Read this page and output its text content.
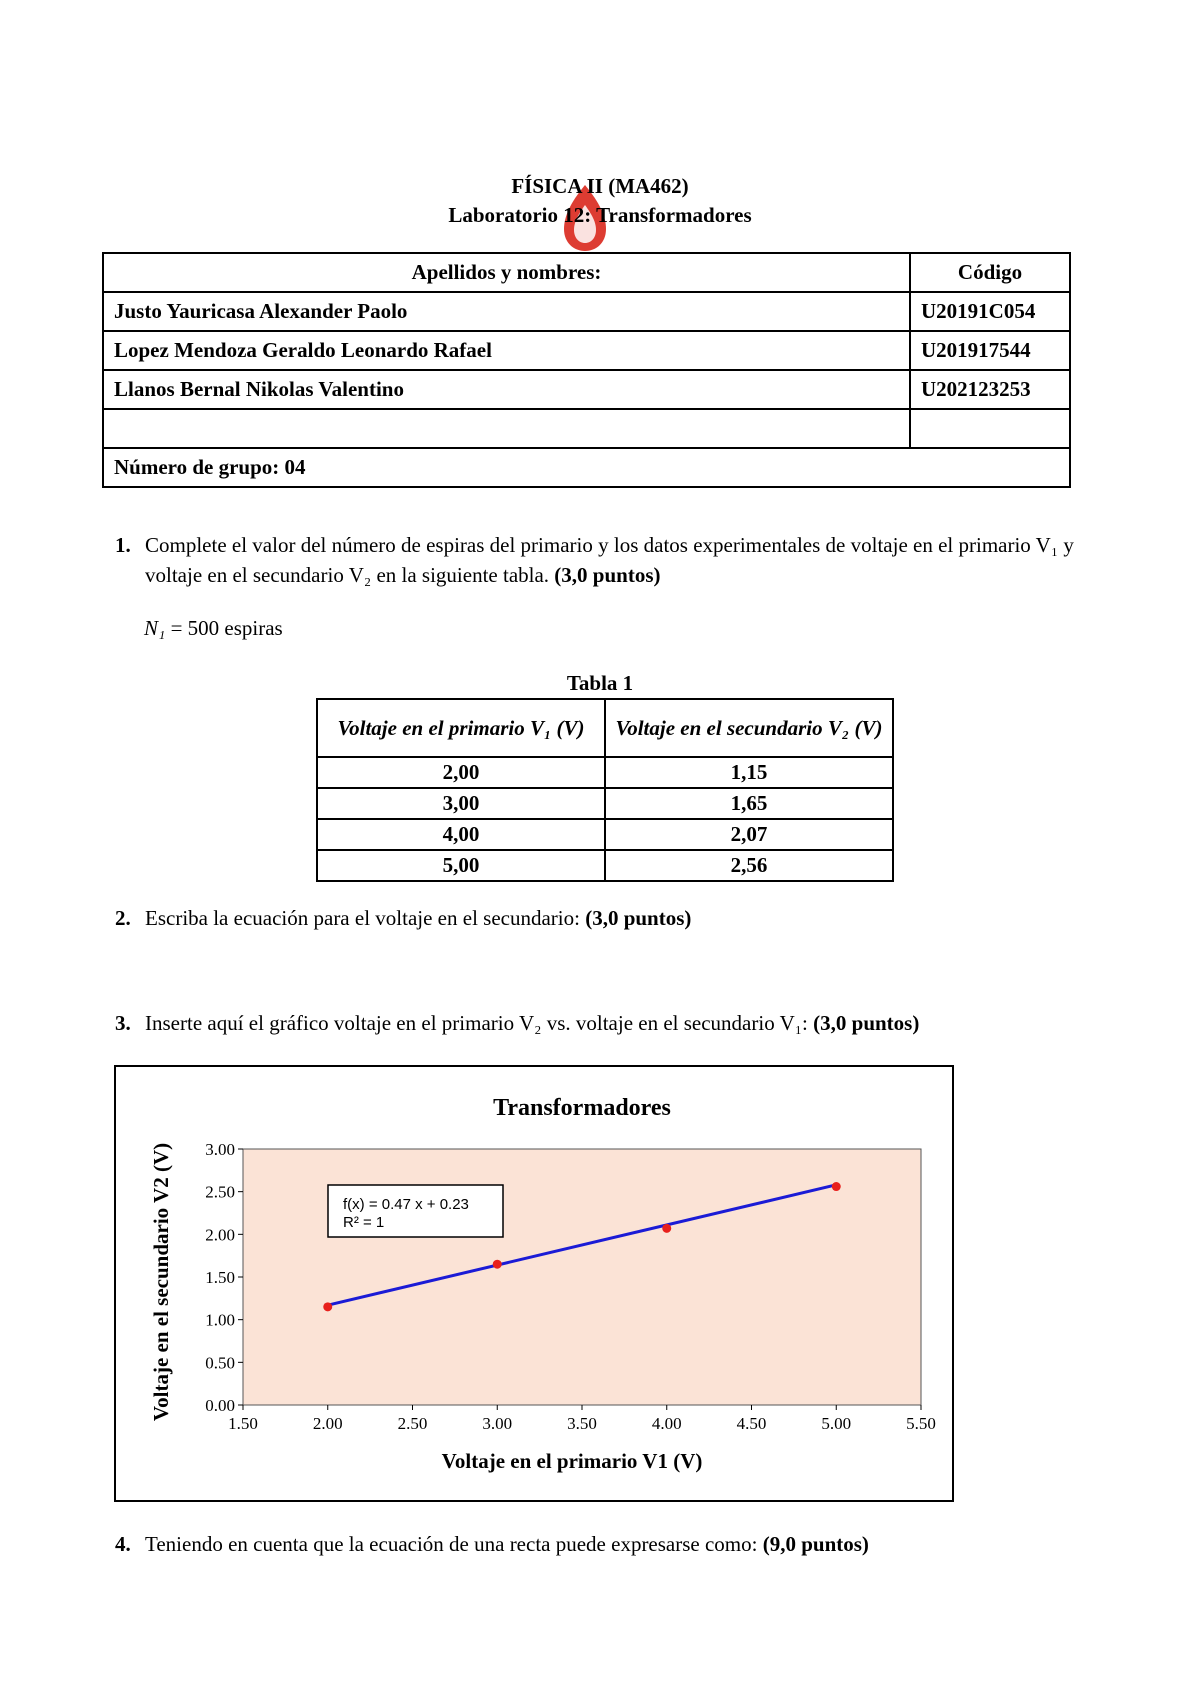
FÍSICA II (MA462)
Laboratorio 12: Transformadores
Apellidos y nombres:	Código
Justo Yauricasa Alexander Paolo	U20191C054
Lopez Mendoza Geraldo Leonardo Rafael	U201917544
Llanos Bernal Nikolas Valentino	U202123253

Número de grupo: 04	
1. Complete el valor del número de espiras del primario y los datos experimentales de voltaje en el primario V₁ y voltaje en el secundario V₂ en la siguiente tabla. (3,0 puntos)
N₁ = 500 espiras
Tabla 1
Voltaje en el primario V₁ (V)	Voltaje en el secundario V₂ (V)
2,00	1,15
3,00	1,65
4,00	2,07
5,00	2,56
2. Escriba la ecuación para el voltaje en el secundario: (3,0 puntos)
3. Inserte aquí el gráfico voltaje en el primario V₂ vs. voltaje en el secundario V₁: (3,0 puntos)
Transformadores
0.00
0.50
1.00
1.50
2.00
2.50
3.00
1.50	2.00	2.50	3.00	3.50	4.00	4.50	5.00	5.50
Voltaje en el primario V1 (V)
Voltaje en el secundario V2 (V)	f(x) = 0.47 x + 0.23
R² = 1
4. Teniendo en cuenta que la ecuación de una recta puede expresarse como: (9,0 puntos)
